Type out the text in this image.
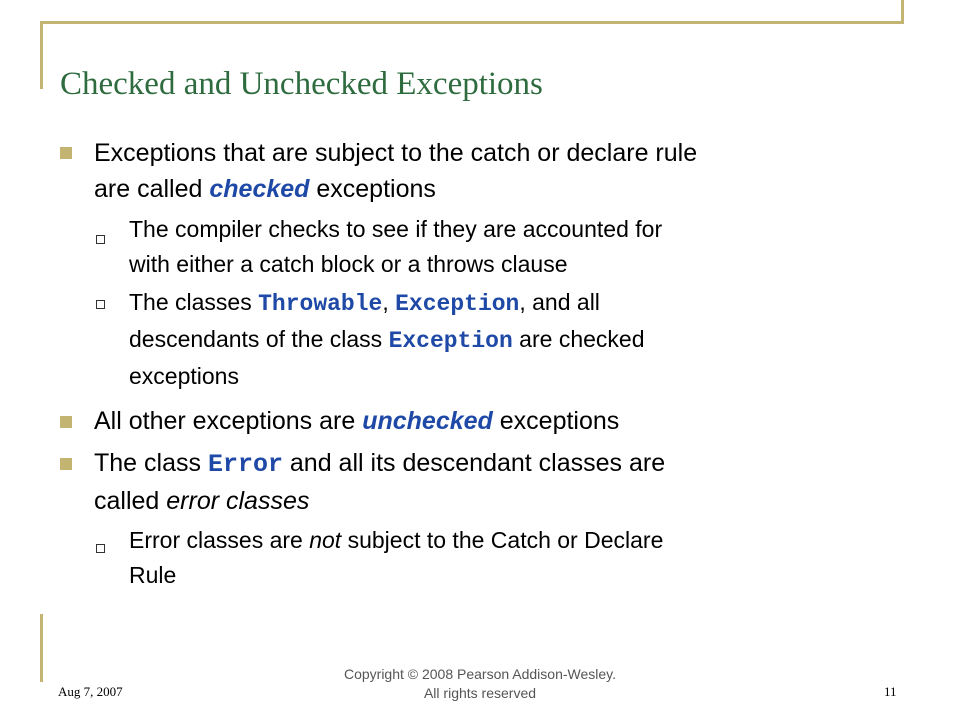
Checked and Unchecked Exceptions
Exceptions that are subject to the catch or declare rule
are called checked exceptions
The compiler checks to see if they are accounted for
with either a catch block or a throws clause
The classes Throwable, Exception, and all
descendants of the class Exception are checked
exceptions
All other exceptions are unchecked exceptions
The class Error and all its descendant classes are
called error classes
Error classes are not subject to the Catch or Declare
Rule
Aug 7, 2007
Copyright © 2008 Pearson Addison-Wesley.
All rights reserved	11
